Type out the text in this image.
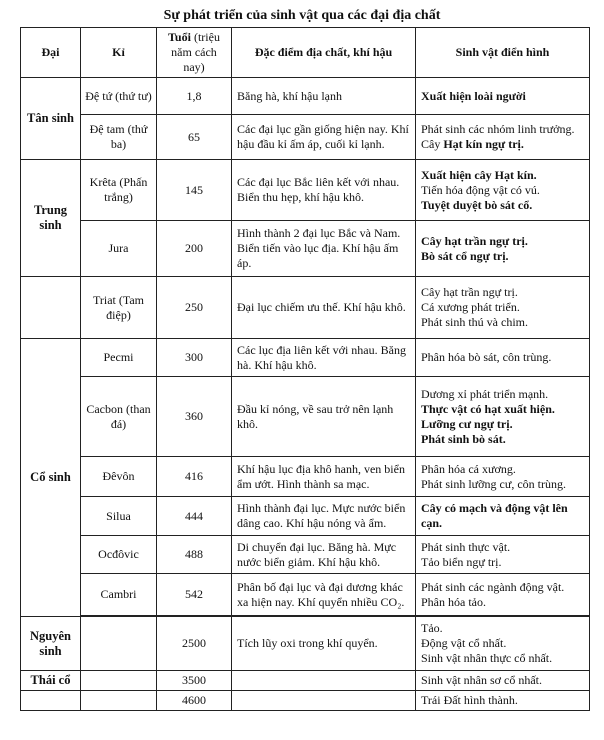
Sự phát triển của sinh vật qua các đại địa chất
Đại	Kỉ	Tuổi (triệu năm cách nay)	Đặc điểm địa chất, khí hậu	Sinh vật điển hình
Tân sinh	Đệ tứ (thứ tư)	1,8	Băng hà, khí hậu lạnh	Xuất hiện loài người

	Đệ tam (thứ ba)	65	Các đại lục gần giống hiện nay. Khí hậu đầu kỉ ấm áp, cuối kỉ lạnh.	Phát sinh các nhóm linh trưởng.
Cây Hạt kín ngự trị.

Trung sinh	Krêta (Phấn trắng)	145	Các đại lục Bắc liên kết với nhau. Biển thu hẹp, khí hậu khô.	Xuất hiện cây Hạt kín.
Tiến hóa động vật có vú.
Tuyệt duyệt bò sát cổ.

	Jura	200	Hình thành 2 đại lục Bắc và Nam. Biển tiến vào lục địa. Khí hậu ấm áp.	Cây hạt trần ngự trị.
Bò sát cổ ngự trị.

	Triat (Tam điệp)	250	Đại lục chiếm ưu thế. Khí hậu khô.	Cây hạt trần ngự trị.
Cá xương phát triển.
Phát sinh thú và chim.

Cổ sinh	Pecmi	300	Các lục địa liên kết với nhau. Băng hà. Khí hậu khô.	Phân hóa bò sát, côn trùng.

	Cacbon (than đá)	360	Đầu kỉ nóng, về sau trở nên lạnh khô.	Dương xỉ phát triển mạnh.
Thực vật có hạt xuất hiện.
Lưỡng cư ngự trị.
Phát sinh bò sát.

	Đêvôn	416	Khí hậu lục địa khô hanh, ven biển ẩm ướt. Hình thành sa mạc.	Phân hóa cá xương.
Phát sinh lưỡng cư, côn trùng.

	Silua	444	Hình thành đại lục. Mực nước biển dâng cao. Khí hậu nóng và ẩm.	Cây có mạch và động vật lên cạn.

	Ocđôvic	488	Di chuyển đại lục. Băng hà. Mực nước biển giảm. Khí hậu khô.	Phát sinh thực vật.
Tảo biển ngự trị.

	Cambri	542	Phân bố đại lục và đại dương khác xa hiện nay. Khí quyển nhiều CO₂.	Phát sinh các ngành động vật.
Phân hóa tảo.

Nguyên sinh		2500	Tích lũy oxi trong khí quyển.	Tảo.
Động vật cổ nhất.
Sinh vật nhân thực cổ nhất.

Thái cổ		3500		Sinh vật nhân sơ cổ nhất.

		4600		Trái Đất hình thành.
